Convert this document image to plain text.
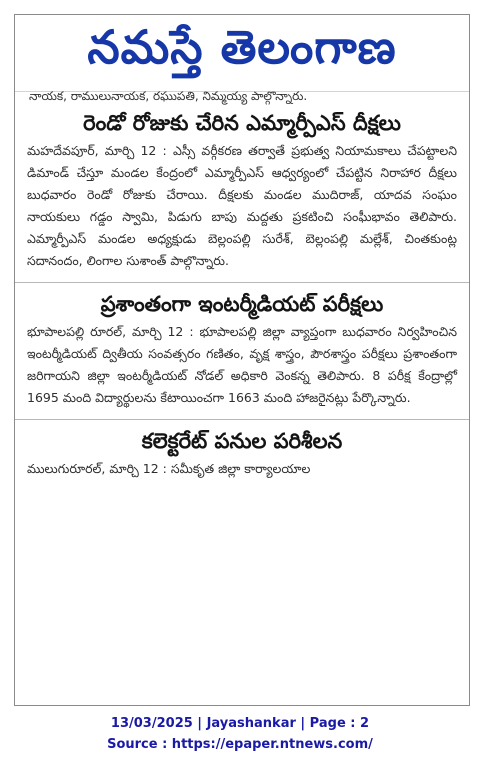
నమస్తే తెలంగాణ
నాయక, రాములునాయక, రఘుపతి, నిమ్మయ్య పాల్గొన్నారు.
రెండో రోజుకు చేరిన ఎమ్మార్పీఎస్ దీక్షలు
మహదేవపూర్, మార్చి 12 : ఎస్సీ వర్గీకరణ తర్వాతే ప్రభుత్వ నియామకాలు చేపట్టాలని డిమాండ్ చేస్తూ మండల కేంద్రంలో ఎమ్మార్పీఎస్ ఆధ్వర్యంలో చేపట్టిన నిరాహార దీక్షలు బుధవారం రెండో రోజుకు చేరాయి. దీక్షలకు మండల ముదిరాజ్, యాదవ సంఘం నాయకులు గడ్డం స్వామి, పిడుగు బాపు మద్దతు ప్రకటించి సంఘీభావం తెలిపారు. ఎమ్మార్పీఎస్ మండల అధ్యక్షుడు బెల్లంపల్లి సురేశ్, బెల్లంపల్లి మల్లేశ్, చింతకుంట్ల సదానందం, లింగాల సుశాంత్ పాల్గొన్నారు.
ప్రశాంతంగా ఇంటర్మీడియట్ పరీక్షలు
భూపాలపల్లి రూరల్, మార్చి 12 : భూపాలపల్లి జిల్లా వ్యాప్తంగా బుధవారం నిర్వహించిన ఇంటర్మీడియట్ ద్వితీయ సంవత్సరం గణితం, వృక్ష శాస్త్రం, పౌరశాస్త్రం పరీక్షలు ప్రశాంతంగా జరిగాయని జిల్లా ఇంటర్మీడియట్ నోడల్ అధికారి వెంకన్న తెలిపారు. 8 పరీక్ష కేంద్రాల్లో 1695 మంది విద్యార్థులను కేటాయించగా 1663 మంది హాజరైనట్లు పేర్కొన్నారు.
కలెక్టరేట్ పనుల పరిశీలన
ములుగురూరల్, మార్చి 12 : సమీకృత జిల్లా కార్యాలయాల
13/03/2025 | Jayashankar | Page : 2
Source : https://epaper.ntnews.com/
